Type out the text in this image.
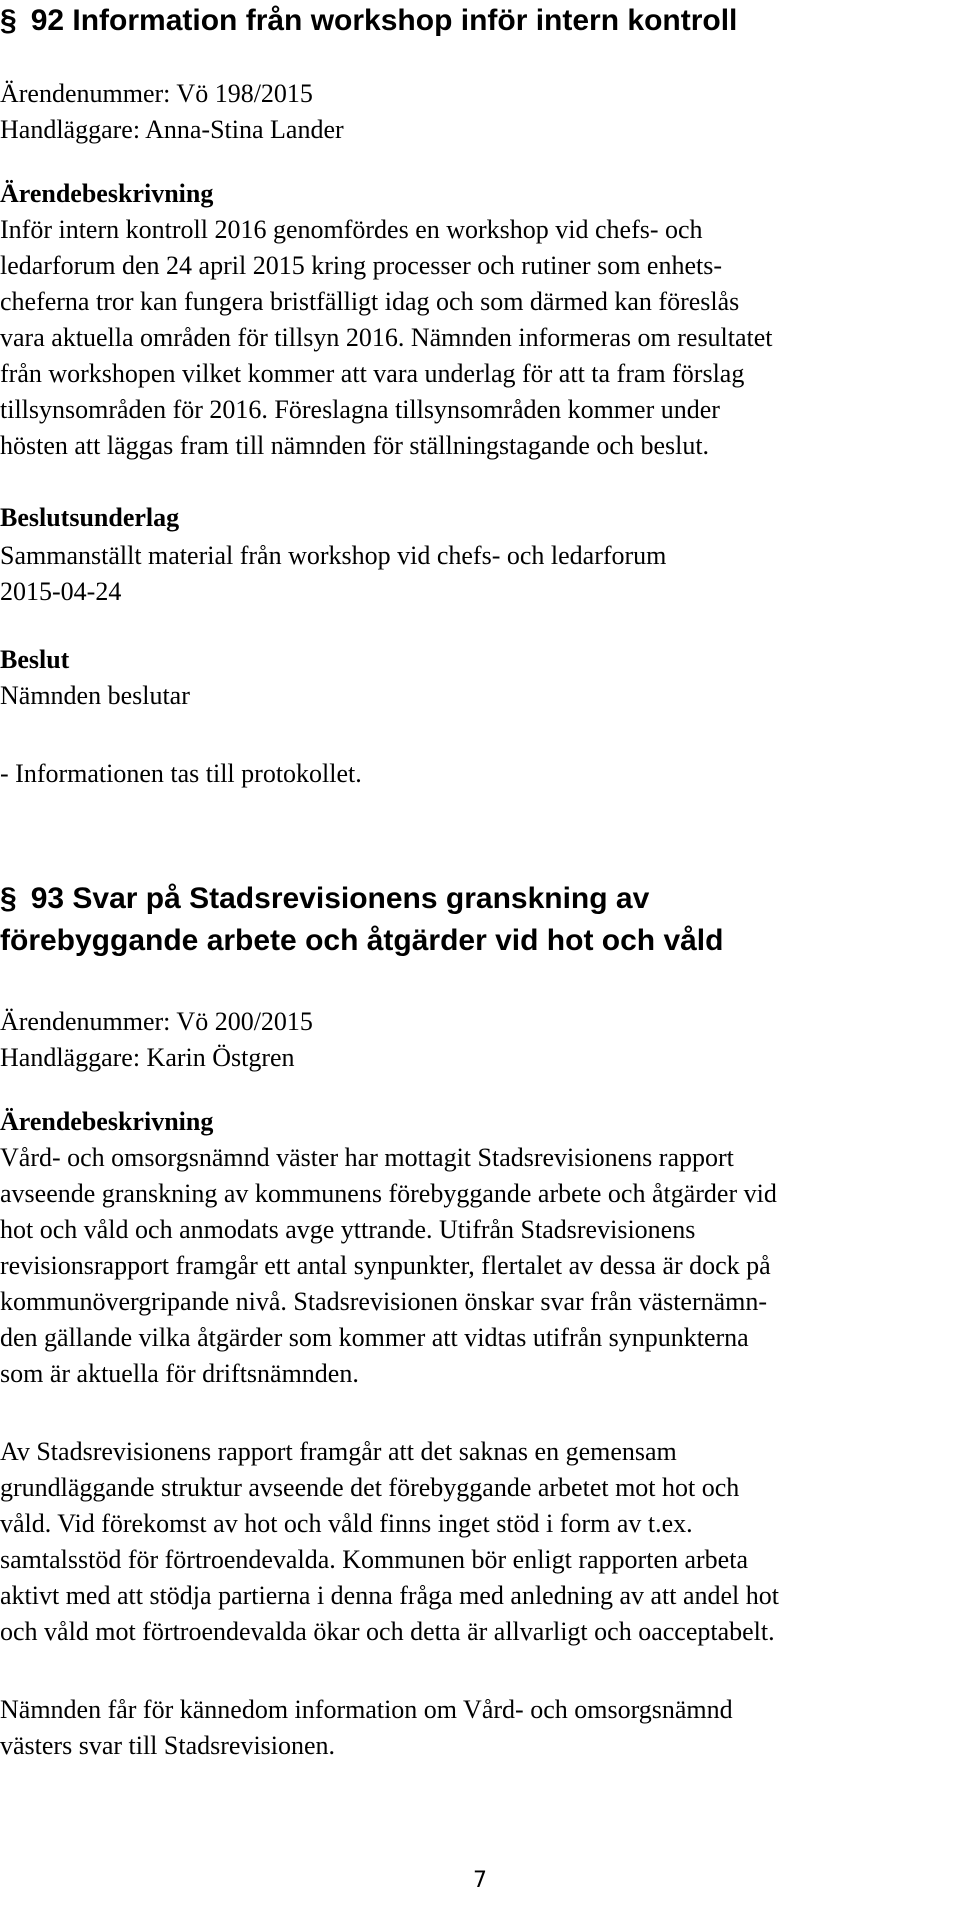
§ 92 Information från workshop inför intern kontroll

Ärendenummer: Vö 198/2015

Handläggare: Anna-Stina Lander

Ärendebeskrivning

Inför intern kontroll 2016 genomfördes en workshop vid chefs- och
ledarforum den 24 april 2015 kring processer och rutiner som enhets-
cheferna tror kan fungera bristfälligt idag och som därmed kan föreslås
vara aktuella områden för tillsyn 2016. Nämnden informeras om resultatet
från workshopen vilket kommer att vara underlag för att ta fram förslag
tillsynsområden för 2016. Föreslagna tillsynsområden kommer under
hösten att läggas fram till nämnden för ställningstagande och beslut.

Beslutsunderlag

Sammanställt material från workshop vid chefs- och ledarforum
2015-04-24

Beslut

Nämnden beslutar

- Informationen tas till protokollet.

§ 93 Svar på Stadsrevisionens granskning av
förebyggande arbete och åtgärder vid hot och våld

Ärendenummer: Vö 200/2015

Handläggare: Karin Östgren

Ärendebeskrivning

Vård- och omsorgsnämnd väster har mottagit Stadsrevisionens rapport
avseende granskning av kommunens förebyggande arbete och åtgärder vid
hot och våld och anmodats avge yttrande. Utifrån Stadsrevisionens
revisionsrapport framgår ett antal synpunkter, flertalet av dessa är dock på
kommunövergripande nivå. Stadsrevisionen önskar svar från västernämn-
den gällande vilka åtgärder som kommer att vidtas utifrån synpunkterna
som är aktuella för driftsnämnden.
Av Stadsrevisionens rapport framgår att det saknas en gemensam
grundläggande struktur avseende det förebyggande arbetet mot hot och
våld. Vid förekomst av hot och våld finns inget stöd i form av t.ex.
samtalsstöd för förtroendevalda. Kommunen bör enligt rapporten arbeta
aktivt med att stödja partierna i denna fråga med anledning av att andel hot
och våld mot förtroendevalda ökar och detta är allvarligt och oacceptabelt.
Nämnden får för kännedom information om Vård- och omsorgsnämnd
västers svar till Stadsrevisionen.
7
